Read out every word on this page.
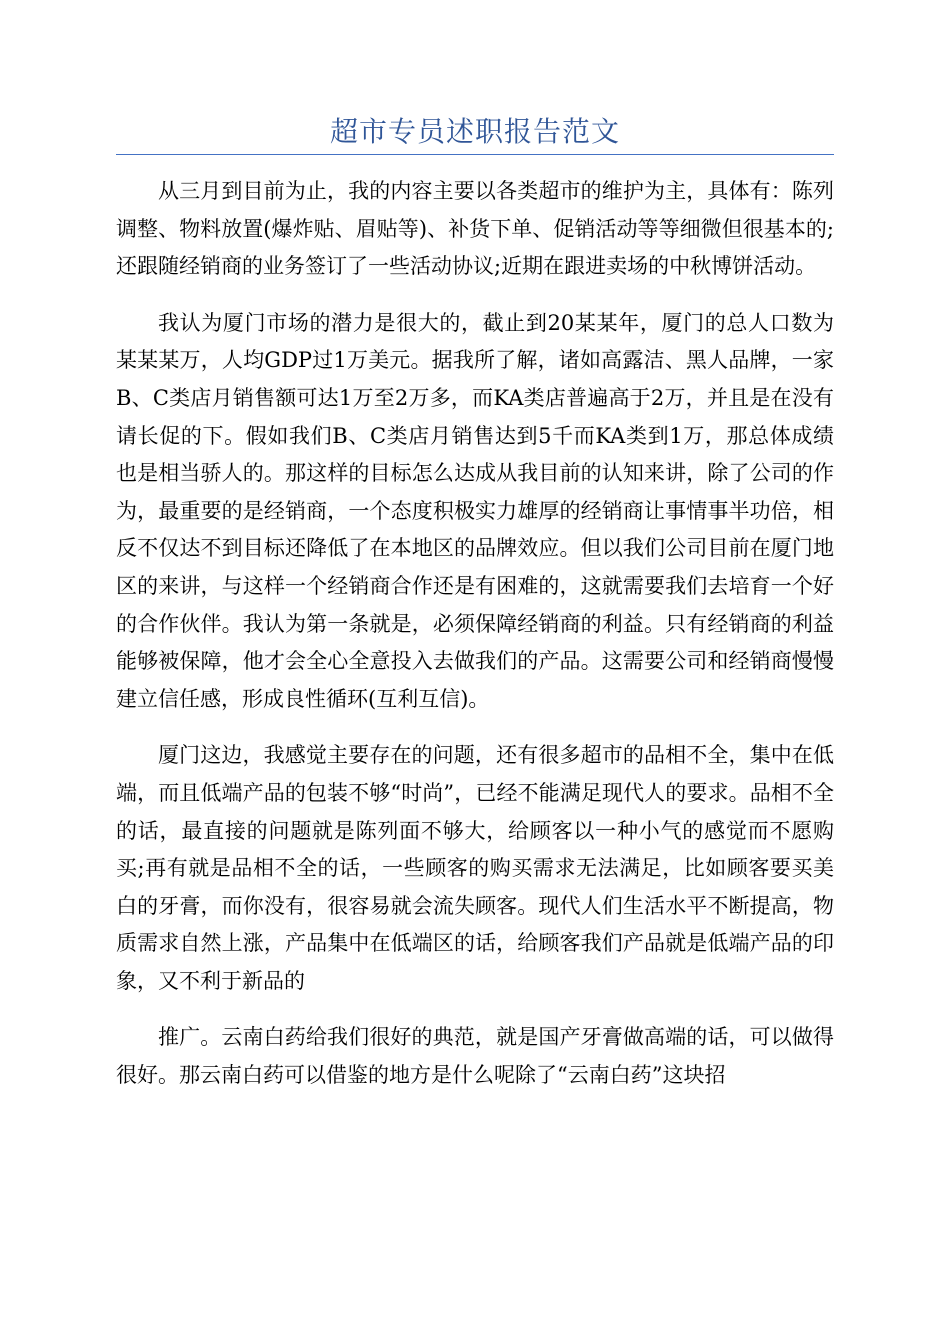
超市专员述职报告范文

从三月到目前为止，我的内容主要以各类超市的维护为主，具体有：陈列调整、物料放置(爆炸贴、眉贴等)、补货下单、促销活动等等细微但很基本的;还跟随经销商的业务签订了一些活动协议;近期在跟进卖场的中秋博饼活动。

我认为厦门市场的潜力是很大的，截止到20某某年，厦门的总人口数为某某某万，人均GDP过1万美元。据我所了解，诸如高露洁、黑人品牌，一家B、C类店月销售额可达1万至2万多，而KA类店普遍高于2万，并且是在没有请长促的下。假如我们B、C类店月销售达到5千而KA类到1万，那总体成绩也是相当骄人的。那这样的目标怎么达成从我目前的认知来讲，除了公司的作为，最重要的是经销商，一个态度积极实力雄厚的经销商让事情事半功倍，相反不仅达不到目标还降低了在本地区的品牌效应。但以我们公司目前在厦门地区的来讲，与这样一个经销商合作还是有困难的，这就需要我们去培育一个好的合作伙伴。我认为第一条就是，必须保障经销商的利益。只有经销商的利益能够被保障，他才会全心全意投入去做我们的产品。这需要公司和经销商慢慢建立信任感，形成良性循环(互利互信)。

厦门这边，我感觉主要存在的问题，还有很多超市的品相不全，集中在低端，而且低端产品的包装不够“时尚”，已经不能满足现代人的要求。品相不全的话，最直接的问题就是陈列面不够大，给顾客以一种小气的感觉而不愿购买;再有就是品相不全的话，一些顾客的购买需求无法满足，比如顾客要买美白的牙膏，而你没有，很容易就会流失顾客。现代人们生活水平不断提高，物质需求自然上涨，产品集中在低端区的话，给顾客我们产品就是低端产品的印象，又不利于新品的

推广。云南白药给我们很好的典范，就是国产牙膏做高端的话，可以做得很好。那云南白药可以借鉴的地方是什么呢除了“云南白药”这块招
